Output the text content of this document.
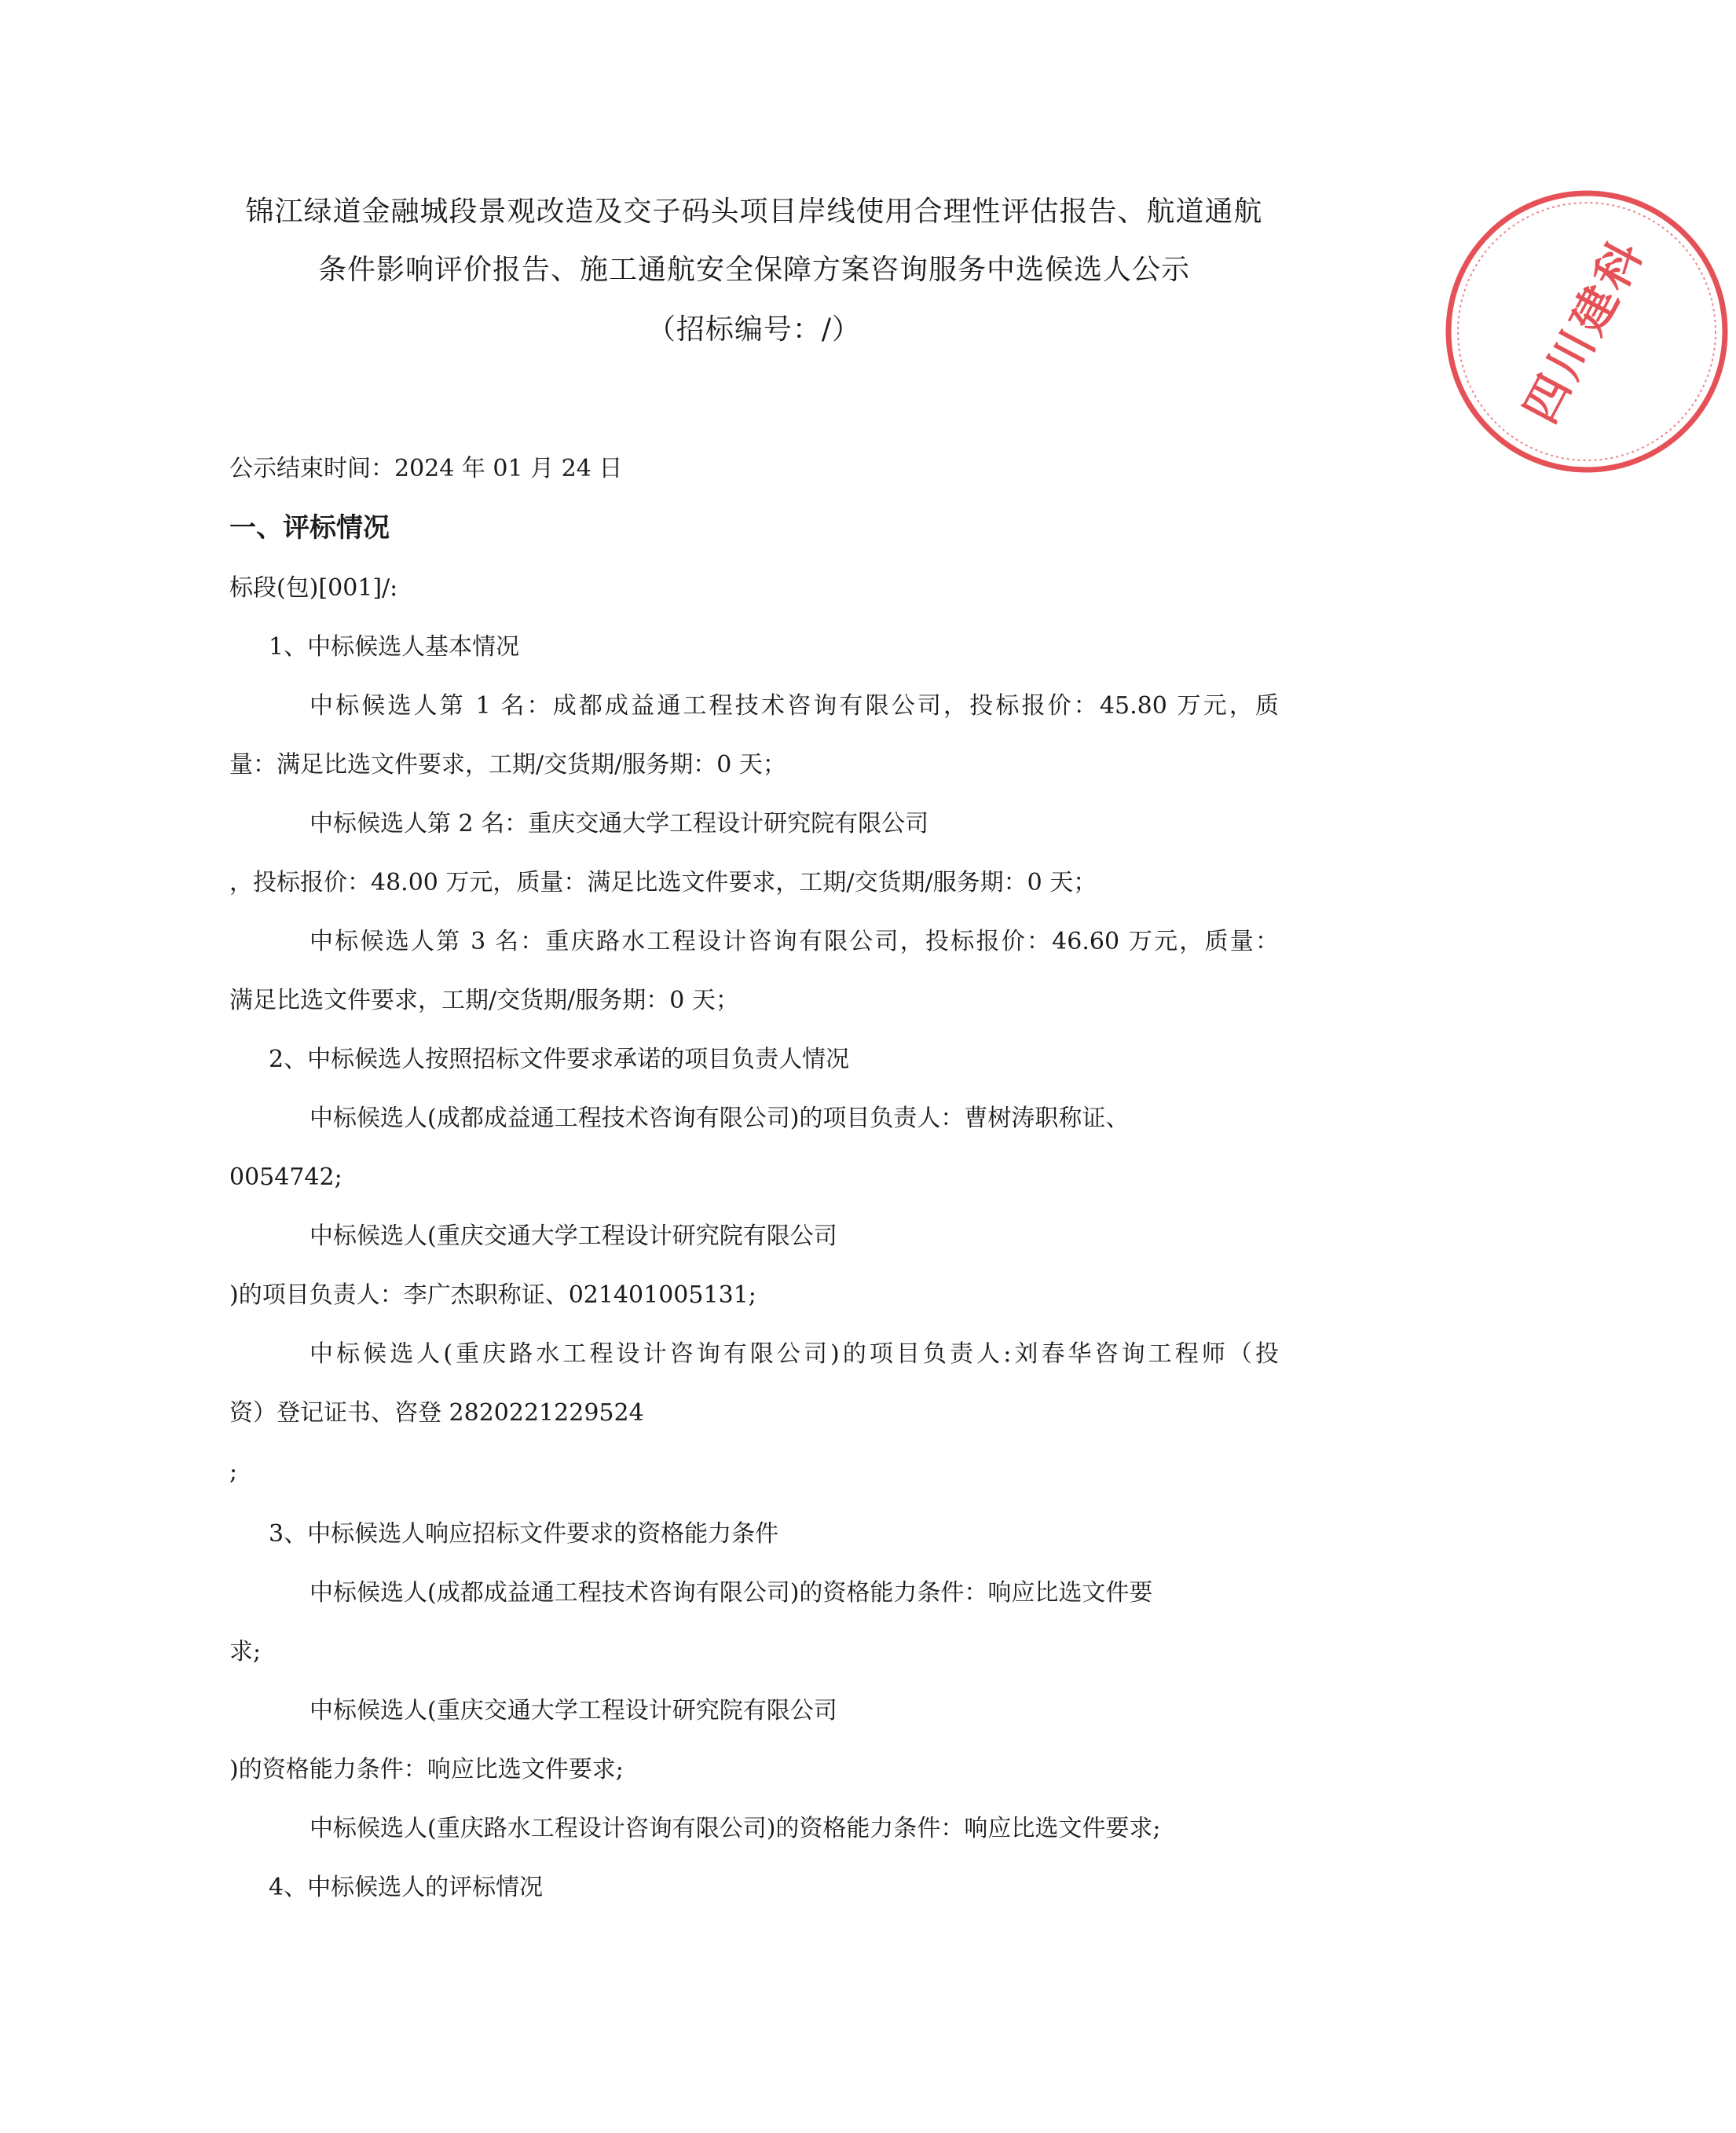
锦江绿道金融城段景观改造及交子码头项目岸线使用合理性评估报告、航道通航
条件影响评价报告、施工通航安全保障方案咨询服务中选候选人公示
（招标编号：/）
公示结束时间：2024 年 01 月 24 日
一、评标情况
标段(包)[001]/:
1、中标候选人基本情况
中标候选人第 1 名：成都成益通工程技术咨询有限公司，投标报价：45.80 万元，质
量：满足比选文件要求，工期/交货期/服务期：0 天；
中标候选人第 2 名：重庆交通大学工程设计研究院有限公司
，投标报价：48.00 万元，质量：满足比选文件要求，工期/交货期/服务期：0 天；
中标候选人第 3 名：重庆路水工程设计咨询有限公司，投标报价：46.60 万元，质量：
满足比选文件要求，工期/交货期/服务期：0 天；
2、中标候选人按照招标文件要求承诺的项目负责人情况
中标候选人(成都成益通工程技术咨询有限公司)的项目负责人：曹树涛职称证、
0054742;
中标候选人(重庆交通大学工程设计研究院有限公司
)的项目负责人：李广杰职称证、021401005131;
中标候选人(重庆路水工程设计咨询有限公司)的项目负责人:刘春华咨询工程师（投
资）登记证书、咨登 2820221229524
;
3、中标候选人响应招标文件要求的资格能力条件
中标候选人(成都成益通工程技术咨询有限公司)的资格能力条件：响应比选文件要
求;
中标候选人(重庆交通大学工程设计研究院有限公司
)的资格能力条件：响应比选文件要求;
中标候选人(重庆路水工程设计咨询有限公司)的资格能力条件：响应比选文件要求;
4、中标候选人的评标情况
四川建科
